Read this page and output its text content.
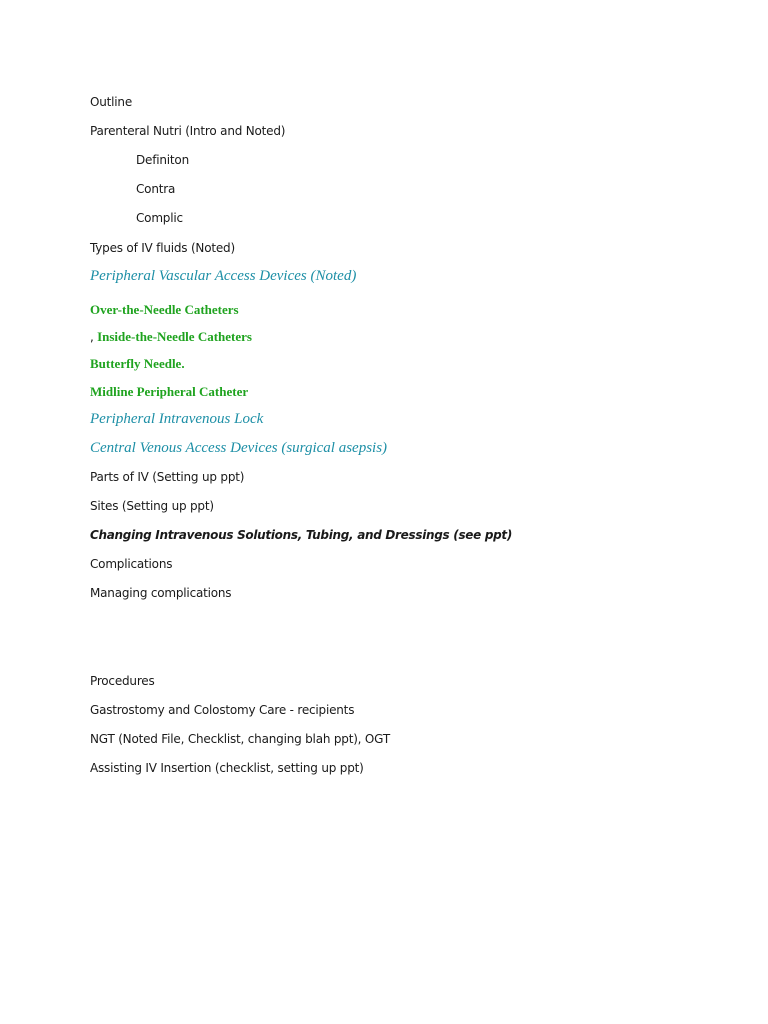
Outline
Parenteral Nutri (Intro and Noted)
Definiton
Contra
Complic
Types of IV fluids (Noted)
Peripheral Vascular Access Devices (Noted)
Over-the-Needle Catheters
, Inside-the-Needle Catheters
Butterfly Needle.
Midline Peripheral Catheter
Peripheral Intravenous Lock
Central Venous Access Devices (surgical asepsis)
Parts of IV (Setting up ppt)
Sites (Setting up ppt)
Changing Intravenous Solutions, Tubing, and Dressings (see ppt)
Complications
Managing complications
Procedures
Gastrostomy and Colostomy Care - recipients
NGT (Noted File, Checklist, changing blah ppt), OGT
Assisting IV Insertion (checklist, setting up ppt)
